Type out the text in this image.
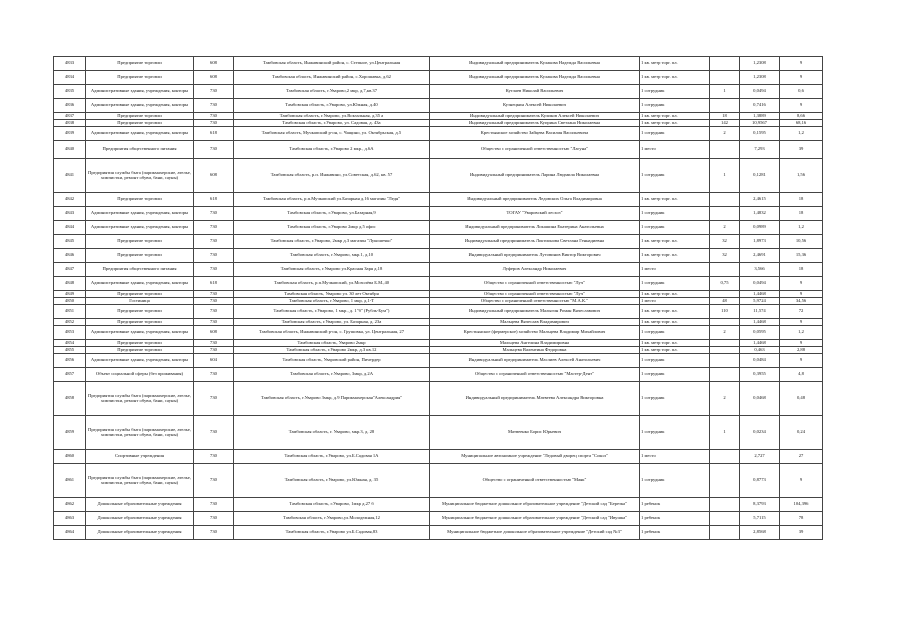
4833	Предприятие торговли	608	Тамбовская область, Инжавинский район, с. Степное, ул.Центральная	Индивидуальный предприниматель Кулакова Надежда Васильевна	1 кв. метр торг. пл.		1,2308	9
4834	Предприятие торговли	608	Тамбовская область, Инжавинский район, с.Хорошавка, д.62	Индивидуальный предприниматель Кулакова Надежда Васильевна	1 кв. метр торг. пл.		1,2308	9
4835	Административные здания, учреждения, конторы	730	Тамбовская область, г.Уварово,2 мкр, д.7,кв.37	Кутлаев Николай Васильевич	1 сотрудник	1	0,0494	0,6
4836	Административные здания, учреждения, конторы	730	Тамбовская область, г.Уварово, ул.Южная, д.40	Кузнецкин Алексей Николаевич	1 сотрудник		0,7416	9
4837	Предприятие торговли	730	Тамбовская область, г.Уварово, ул.Вокзальная, д.35 а	Индивидуальный предприниматель Куликов Алексей Николаевич	1 кв. метр торг. пл.	18	1,3889	8,66
4838	Предприятие торговли	730	Тамбовская область, г.Уварово, ул. Садовая, д. 43а	Индивидуальный предприниматель Куприна Светлана Николаевна	1 кв. метр торг. пл.	142	10,9567	68,16
4839	Административные здания, учреждения, конторы	618	Тамбовская область, Мучкапский р-он, с. Чащино, ул. Октябрьская, д.5	Крестьянское хозяйство Зайцева Василия Васильевича	1 сотрудник	2	0,1595	1,2
4840	Предприятия общественного питания	730	Тамбовская область, г.Уварово 2 мкр., д.6А	Общество с ограниченной ответственностью "Лагуна"	1 место		7,293	39
4841	Предприятия службы быта (парикмахерские, ателье, химчистки, ремонт обуви, бани, сауны)	608	Тамбовская область, р.п. Инжавино, ул.Советская, д.62, кв. 57	Индивидуальный предприниматель Ларина Людмила Николаевна	1 сотрудник	1	0,1281	1,56
4842	Предприятие торговли	618	Тамбовская область, р.п.Мучкапский ул.Базарная д.16 магазин "Ледя"	Индивидуальный предприниматель Ледовских Ольга Владимировна	1 кв. метр торг. пл.		2,4615	18
4843	Административные здания, учреждения, конторы	730	Тамбовская область, г.Уварово, ул.Базарная,9	ТОГАУ "Уваровский лесхоз"	1 сотрудник		1,4832	18
4844	Административные здания, учреждения, конторы	730	Тамбовская область, г.Уварово 2мкр д.5 офис	Индивидуальный предприниматель Локашина Екатерина Анатольевна	1 сотрудник	2	0,0989	1,2
4845	Предприятие торговли	730	Тамбовская область, г.Уварово, 2мкр д.3 магазин "Лукошечко"	Индивидуальный предприниматель Локтионова Светлана Геннадиевна	1 кв. метр торг. пл.	32	1,8973	10,56
4846	Предприятие торговли	730	Тамбовская область, г.Уварово, мкр.1, д.10	Индивидуальный предприниматель Лутовинов Виктор Викторович	1 кв. метр торг. пл.	32	2,4691	15,36
4847	Предприятия общественного питания	730	Тамбовская область, г.Уварово ул.Красная Заря д.18	Луферов Александр Николаевич	1 место		3,566	18
4848	Административные здания, учреждения, конторы	618	Тамбовская область, р.п.Мучкапский, ул.Мозолёва Б.М.,40	Общество с ограниченной ответственностью "Луч"	1 сотрудник	0,75	0,0494	9
4849	Предприятие торговли	730	Тамбовская область, Уварово ул. 30 лет Октября	Общество с ограниченной ответственностью "Луч"	1 кв. метр торг. пл.		1,4468	9
4850	Гостиница	730	Тамбовская область, г.Уварово, 1 мкр, д.1-Т	Общество с ограниченной ответственностью "М.А.К."	1 место	48	5,9724	34,56
4851	Предприятие торговли	730	Тамбовская область, г.Уварово, 1 мкр., д. 1"б" (Рубль-Бум")	Индивидуальный предприниматель Малыгин Роман Вячеславович	1 кв. метр торг. пл.	110	11,574	72
4852	Предприятие торговли	730	Тамбовская область, г.Уварово, ул. Базарная, д. 23а	Мальцева Вячеслав Владимирович	1 кв. метр торг. пл.		1,4468	9
4853	Административные здания, учреждения, конторы	608	Тамбовская область, Инжавинский р-он, с. Грушовка, ул. Центральная, 27	Крестьянское (фермерское) хозяйство Мальцева Владимир Михайлович	1 сотрудник	2	0,0595	1,2
4854	Предприятие торговли	730	Тамбовская область, Уварово 2мкр	Мальцева Ангелина Владимировна	1 кв. метр торг. пл.		1,4468	9
4855	Предприятие торговли	730	Тамбовская область, г.Уварово 2мкр, д.3 кв.12	Мальцева Валентина Федоровна	1 кв. метр торг. пл.		0,463	2,88
4856	Административные здания, учреждения, конторы	604	Тамбовская область, Уваровский район, Пичердер	Индивидуальный предприниматель Маслиев Алексей Анатольевич	1 сотрудник		0,0484	9
4857	Объект социальной сферы (без проживания)	730	Тамбовская область, г.Уварово, 3мкр, д.2А	Общество с ограниченной ответственностью "Мастер-Дент"	1 сотрудник		0,3955	4,8
4858	Предприятия службы быта (парикмахерские, ателье, химчистки, ремонт обуви, бани, сауны)	730	Тамбовская область, г.Уварово 3мкр, д.9 Парикмахерская"Александрия"	Индивидуальный предприниматель Матвеева Александра Викторовна	1 сотрудник	2	0,0468	0,48
4859	Предприятия службы быта (парикмахерские, ателье, химчистки, ремонт обуви, бани, сауны)	730	Тамбовская область, г. Уварово, мкр.3, д. 28	Матвеенко Борис Юрьевич	1 сотрудник	1	0,0234	0,24
4860	Спортивные учреждения	730	Тамбовская область, г.Уварово, ул.Б.Садовая 1А	Муниципальное автономное учреждение "Ледовый дворец спорта "Сокол"	1 место		2,727	27
4861	Предприятия службы быта (парикмахерские, ателье, химчистки, ремонт обуви, бани, сауны)	730	Тамбовская область, г.Уварово, ул.Южная, д. 35	Общество с ограниченной ответственностью "Маяк"	1 сотрудник		0,8773	9
4862	Дошкольные образовательные учреждения	730	Тамбовская область, г.Уварово, 1мкр д.27 б	Муниципальное бюджетное дошкольное образовательное учреждение "Детский сад "Березка"	1 ребенок		8,3793	104,396
4863	Дошкольные образовательные учреждения	730	Тамбовская область, г.Уварово,ул.Молодежная,12	Муниципальное бюджетное дошкольное образовательное учреждение "Детский сад "Ивушка"	1 ребенок		5,7115	78
4864	Дошкольные образовательные учреждения	730	Тамбовская область, г.Уварово ул.Б.Садовая,83	Муниципальное бюджетное дошкольное образовательное учреждение "Детский сад №3"	1 ребенок		2,8568	39
